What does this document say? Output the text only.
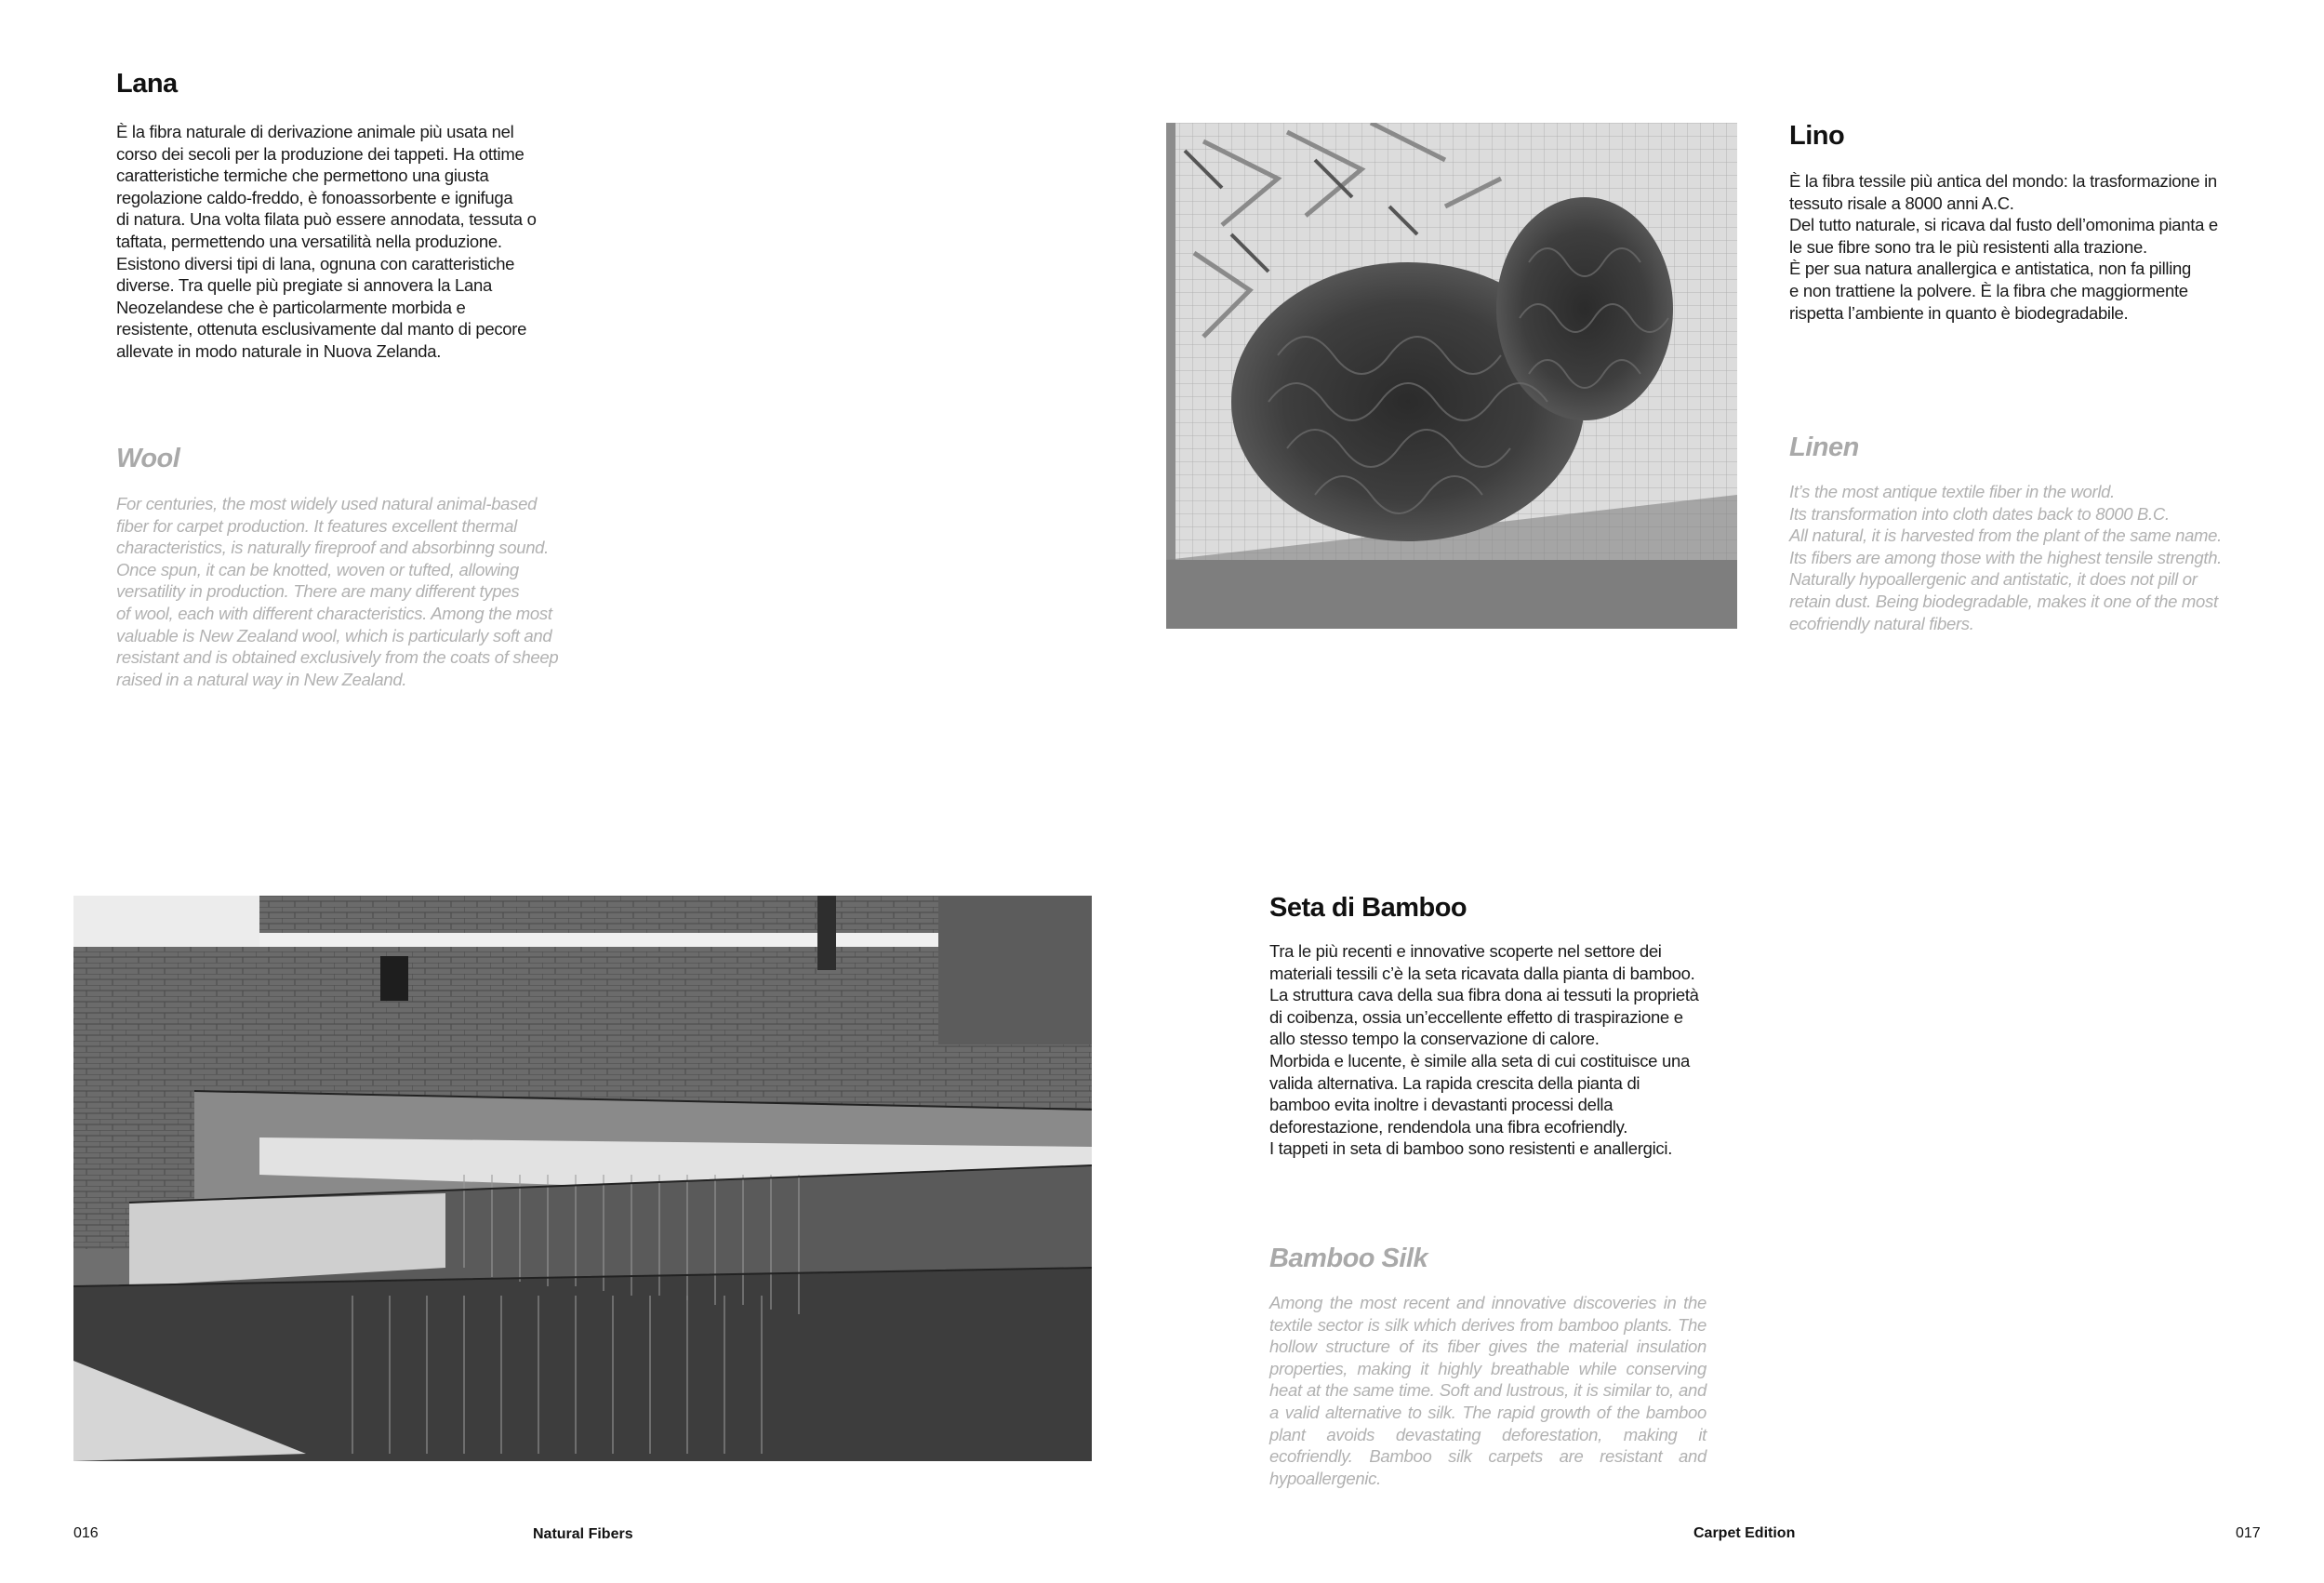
Lana

È la fibra naturale di derivazione animale più usata nel
corso dei secoli per la produzione dei tappeti. Ha ottime
caratteristiche termiche che permettono una giusta
regolazione caldo-freddo, è fonoassorbente e ignifuga
di natura. Una volta filata può essere annodata, tessuta o
taftata, permettendo una versatilità nella produzione.
Esistono diversi tipi di lana, ognuna con caratteristiche
diverse. Tra quelle più pregiate si annovera la Lana
Neozelandese che è particolarmente morbida e
resistente, ottenuta esclusivamente dal manto di pecore
allevate in modo naturale in Nuova Zelanda.

Wool

For centuries, the most widely used natural animal-based
fiber for carpet production. It features excellent thermal
characteristics, is naturally fireproof and absorbinng sound.
Once spun, it can be knotted, woven or tufted, allowing
versatility in production. There are many different types
of wool, each with different characteristics. Among the most
valuable is New Zealand wool, which is particularly soft and
resistant and is obtained exclusively from the coats of sheep
raised in a natural way in New Zealand.

Lino

È la fibra tessile più antica del mondo: la trasformazione in
tessuto risale a 8000 anni A.C.
Del tutto naturale, si ricava dal fusto dell’omonima pianta e
le sue fibre sono tra le più resistenti alla trazione.
È per sua natura anallergica e antistatica, non fa pilling
e non trattiene la polvere. È la fibra che maggiormente
rispetta l’ambiente in quanto è biodegradabile.

Linen

It’s the most antique textile fiber in the world.
Its transformation into cloth dates back to 8000 B.C.
All natural, it is harvested from the plant of the same name.
Its fibers are among those with the highest tensile strength.
Naturally hypoallergenic and antistatic, it does not pill or
retain dust. Being biodegradable, makes it one of the most
ecofriendly natural fibers.

Seta di Bamboo

Tra le più recenti e innovative scoperte nel settore dei
materiali tessili c’è la seta ricavata dalla pianta di bamboo.
La struttura cava della sua fibra dona ai tessuti la proprietà
di coibenza, ossia un’eccellente effetto di traspirazione e
allo stesso tempo la conservazione di calore.
Morbida e lucente, è simile alla seta di cui costituisce una
valida alternativa. La rapida crescita della pianta di
bamboo evita inoltre i devastanti processi della
deforestazione, rendendola una fibra ecofriendly.
I tappeti in seta di bamboo sono resistenti e anallergici.

Bamboo Silk

Among the most recent and innovative discoveries in the textile sector is silk which derives from bamboo plants. The hollow structure of its fiber gives the material insulation properties, making it highly breathable while conserving heat at the same time. Soft and lustrous, it is similar to, and a valid alternative to silk. The rapid growth of the bamboo plant avoids devastating deforestation, making it ecofriendly. Bamboo silk carpets are resistant and hypoallergenic.

016	Natural Fibers	Carpet Edition	017
